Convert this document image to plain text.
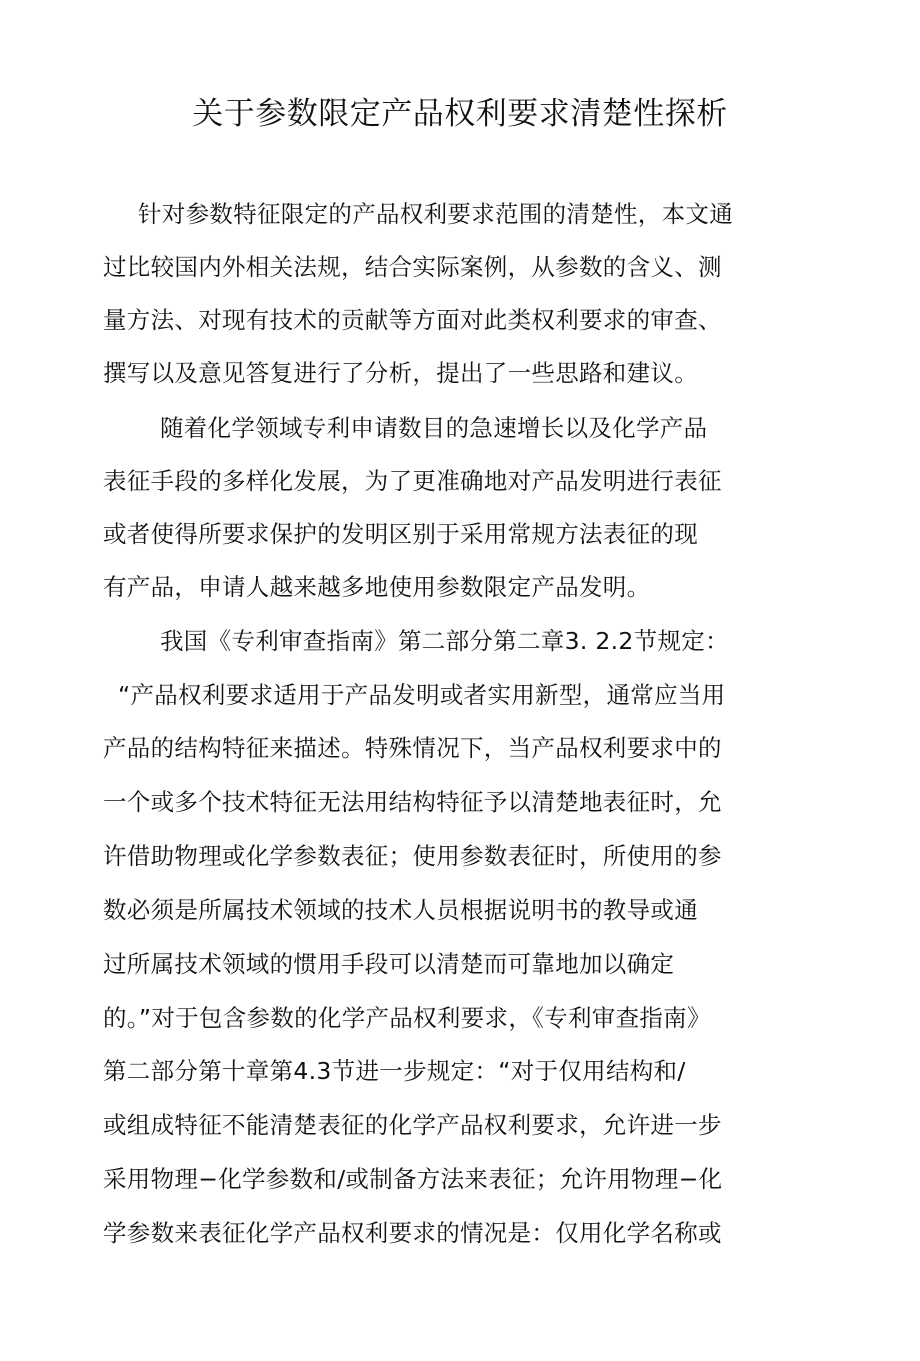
关于参数限定产品权利要求清楚性探析
针对参数特征限定的产品权利要求范围的清楚性，本文通
过比较国内外相关法规，结合实际案例，从参数的含义、测
量方法、对现有技术的贡献等方面对此类权利要求的审查、
撰写以及意见答复进行了分析，提出了一些思路和建议。
随着化学领域专利申请数目的急速增长以及化学产品
表征手段的多样化发展，为了更准确地对产品发明进行表征
或者使得所要求保护的发明区别于采用常规方法表征的现
有产品，申请人越来越多地使用参数限定产品发明。
我国《专利审查指南》第二部分第二章3. 2.2节规定：
“产品权利要求适用于产品发明或者实用新型，通常应当用
产品的结构特征来描述。特殊情况下，当产品权利要求中的
一个或多个技术特征无法用结构特征予以清楚地表征时，允
许借助物理或化学参数表征；使用参数表征时，所使用的参
数必须是所属技术领域的技术人员根据说明书的教导或通
过所属技术领域的惯用手段可以清楚而可靠地加以确定
的。”对于包含参数的化学产品权利要求，《专利审查指南》
第二部分第十章第4.3节进一步规定：“对于仅用结构和/
或组成特征不能清楚表征的化学产品权利要求，允许进一步
采用物理−化学参数和/或制备方法来表征；允许用物理−化
学参数来表征化学产品权利要求的情况是：仅用化学名称或
